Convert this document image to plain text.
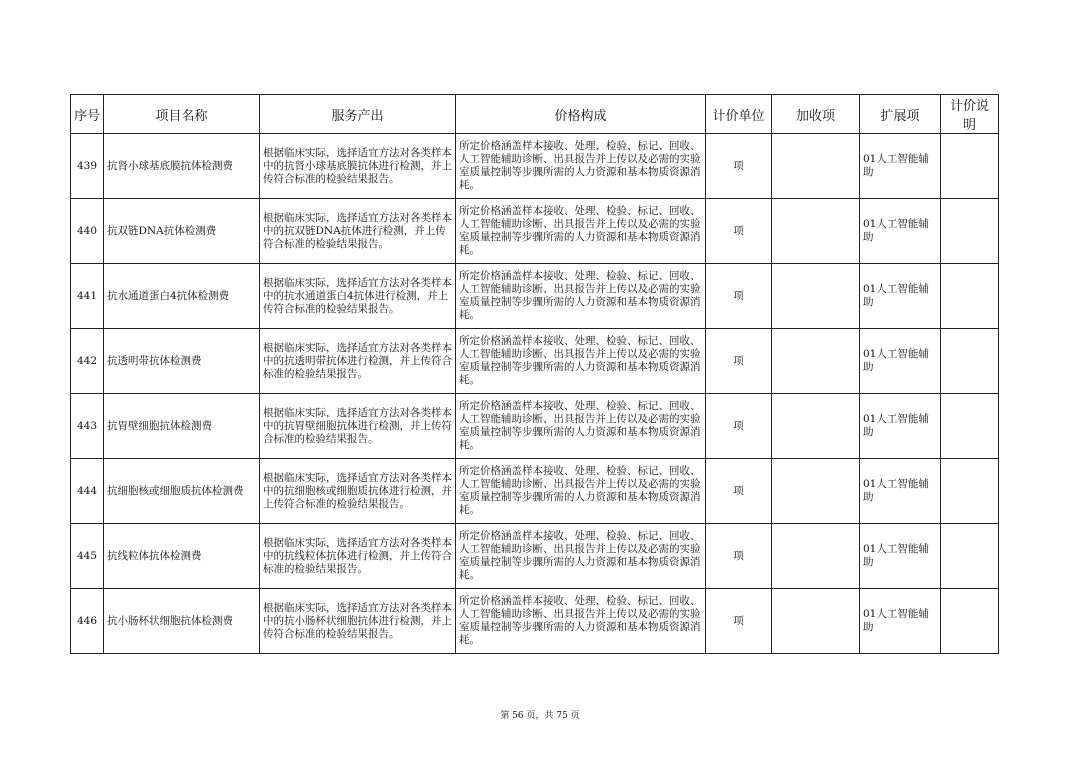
序号	项目名称	服务产出	价格构成	计价单位	加收项	扩展项	计价说明
439	抗肾小球基底膜抗体检测费	根据临床实际，选择适宜方法对各类样本中的抗肾小球基底膜抗体进行检测，并上传符合标准的检验结果报告。	所定价格涵盖样本接收、处理、检验、标记、回收、人工智能辅助诊断、出具报告并上传以及必需的实验室质量控制等步骤所需的人力资源和基本物质资源消耗。	项		01人工智能辅助	
440	抗双链DNA抗体检测费	根据临床实际，选择适宜方法对各类样本中的抗双链DNA抗体进行检测，并上传符合标准的检验结果报告。	所定价格涵盖样本接收、处理、检验、标记、回收、人工智能辅助诊断、出具报告并上传以及必需的实验室质量控制等步骤所需的人力资源和基本物质资源消耗。	项		01人工智能辅助	
441	抗水通道蛋白4抗体检测费	根据临床实际，选择适宜方法对各类样本中的抗水通道蛋白4抗体进行检测，并上传符合标准的检验结果报告。	所定价格涵盖样本接收、处理、检验、标记、回收、人工智能辅助诊断、出具报告并上传以及必需的实验室质量控制等步骤所需的人力资源和基本物质资源消耗。	项		01人工智能辅助	
442	抗透明带抗体检测费	根据临床实际，选择适宜方法对各类样本中的抗透明带抗体进行检测，并上传符合标准的检验结果报告。	所定价格涵盖样本接收、处理、检验、标记、回收、人工智能辅助诊断、出具报告并上传以及必需的实验室质量控制等步骤所需的人力资源和基本物质资源消耗。	项		01人工智能辅助	
443	抗胃壁细胞抗体检测费	根据临床实际，选择适宜方法对各类样本中的抗胃壁细胞抗体进行检测，并上传符合标准的检验结果报告。	所定价格涵盖样本接收、处理、检验、标记、回收、人工智能辅助诊断、出具报告并上传以及必需的实验室质量控制等步骤所需的人力资源和基本物质资源消耗。	项		01人工智能辅助	
444	抗细胞核或细胞质抗体检测费	根据临床实际，选择适宜方法对各类样本中的抗细胞核或细胞质抗体进行检测，并上传符合标准的检验结果报告。	所定价格涵盖样本接收、处理、检验、标记、回收、人工智能辅助诊断、出具报告并上传以及必需的实验室质量控制等步骤所需的人力资源和基本物质资源消耗。	项		01人工智能辅助	
445	抗线粒体抗体检测费	根据临床实际，选择适宜方法对各类样本中的抗线粒体抗体进行检测，并上传符合标准的检验结果报告。	所定价格涵盖样本接收、处理、检验、标记、回收、人工智能辅助诊断、出具报告并上传以及必需的实验室质量控制等步骤所需的人力资源和基本物质资源消耗。	项		01人工智能辅助	
446	抗小肠杯状细胞抗体检测费	根据临床实际，选择适宜方法对各类样本中的抗小肠杯状细胞抗体进行检测，并上传符合标准的检验结果报告。	所定价格涵盖样本接收、处理、检验、标记、回收、人工智能辅助诊断、出具报告并上传以及必需的实验室质量控制等步骤所需的人力资源和基本物质资源消耗。	项		01人工智能辅助	
第 56 页，共 75 页
